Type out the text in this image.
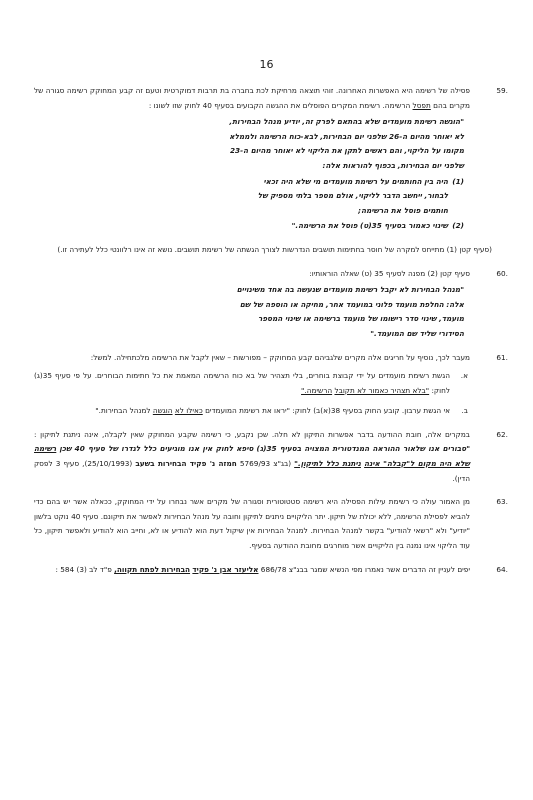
16
59.
פסילה של רשימה היא האפשרות האחרונה. זוהי תוצאה מרחיקת לכת בחברה בת תרבות דמוקרטית וטעם זה קבע המחוקק רשימה סגורה של מקרים בהם תפסל הרשימה. רשימת המקרים הפוסלים את ההגשה הקבועים בסעיף 40 לחוק שזו לשונו :
"הוגשה רשימת מועמדים שלא בהתאם לפרק זה, יודיע מנהל הבחירות,
לא יאוחר מהיום ה-26 שלפני יום הבחירות, לבא-כוח הרשימה ולממלא
מקומו על הליקוי, והם ראשים לתקן את הליקוי לא יאוחר מהיום ה-23
שלפני יום הבחירות, בכפוף להוראות אלה:
(1)
היה בין החותמים על רשימת מועמדים מי שלא היה זכאי
לבחור, ייחשב הדבר לליקוי, אולם מספר בלתי מספיק של
חותמים פוסל את הרשימה;
(2)
שינוי כאמור בסעיף 35(ט) פוסל את הרשימה."
(סעיף קטן (1) מתייחס למקרה של חוסר בחתימות תושבים הנדרשות לצורך הגשתה של רשימת תושבים. נושא זה אינו רלוונטי כלל לעתירה זו.)
60.
סעיף קטן (2) מפנה לסעיף 35 (ט) שאלה הוראותיו:
"מנהל הבחירות לא יקבל רשימת מועמדים שנעשה בה אחד משינויים
אלה: החלפת מועמד פלוני במועמד אחר, מחיקה או הוספה של שם
מועמד, שינוי סדר רישומו של מועמד ברשימה או שינוי המספר
הסידורי שליד שם המועמד."
61.
מעבר לכך, נוסיף על חריגים אלה מקרים שלגביהם קבע המחוקק – מפורשות – שאין לקבל את הרשימה מלכתחילה. למשל:
א.
הגשת רשימת מועמדים על ידי קבוצת בוחרים, בלי תצהיר של בא כוח הרשימה המאמת את כל חתימות הבוחרים. על פי סעיף 35(ג) לחוק: "בלא תצהיר כאמור לא תקובל הרשימה."
ב.
אי הגשת ערבון. קובע החוק בסעיף 38(א)ב) לחוק: "יראו את רשימת המועמדים כאילו לא הוגשה למנהל הבחירות."
62.
במקרים אלה, חובת ההודעה בדבר אפשרות התיקון לא חלה. שכן נקבע, כי רשימה שקבע המחוקק שאין לקבלה, אינה ניתנת לתיקון : "סבורים אנו שלאור ההוראה המנדטורית המצויה בסעיף 35(ג) סיפא לחוק אין אנו מוגיעים כלל לגדרו של סעיף 40 שכן רשימה שלא היה מקום ל"קבלה" אינה ניתנת כלל לתיקון." (בג"צ 5769/93 חמזה נ' פקיד הבחירות בשעב (25/10/1993), סעיף 3 לפסק הדין).
63.
מן האמור עולה כי רשימת עילות הפסילה היא רשימה סטטוטורית וסגורה של מקרים אשר נבחרו על ידי המחוקק, ככאלה אשר יש בהם כדי להביא לפסילת הרשימה, ללא יכולת של תיקון. יתר הליקויים ניתנים לתיקון וחובה על מנהל הבחירות לאפשר את תיקונם. סעיף 40 נוקט בלשון "יודיע" ולא "רשאי להודיע" בקשר למנהל הבחירות. למנהל הבחירות אין שיקול דעת הוא להודיע או לא, וחייב הוא להודיע ולאפשר תיקון, כל עוד הליקוי אינו נמנה בין הליקויים אשר מוחרגים מחובת ההודעה בסעיף.
64.
יפים לעניין זה הדברים אשר נאמרו מפי הנשיא שמגר בבג"צ 686/78 אליעזר אבן נ' פקיד הבחירות לפתח תקווה, פ"ד לב (3) 584 :
